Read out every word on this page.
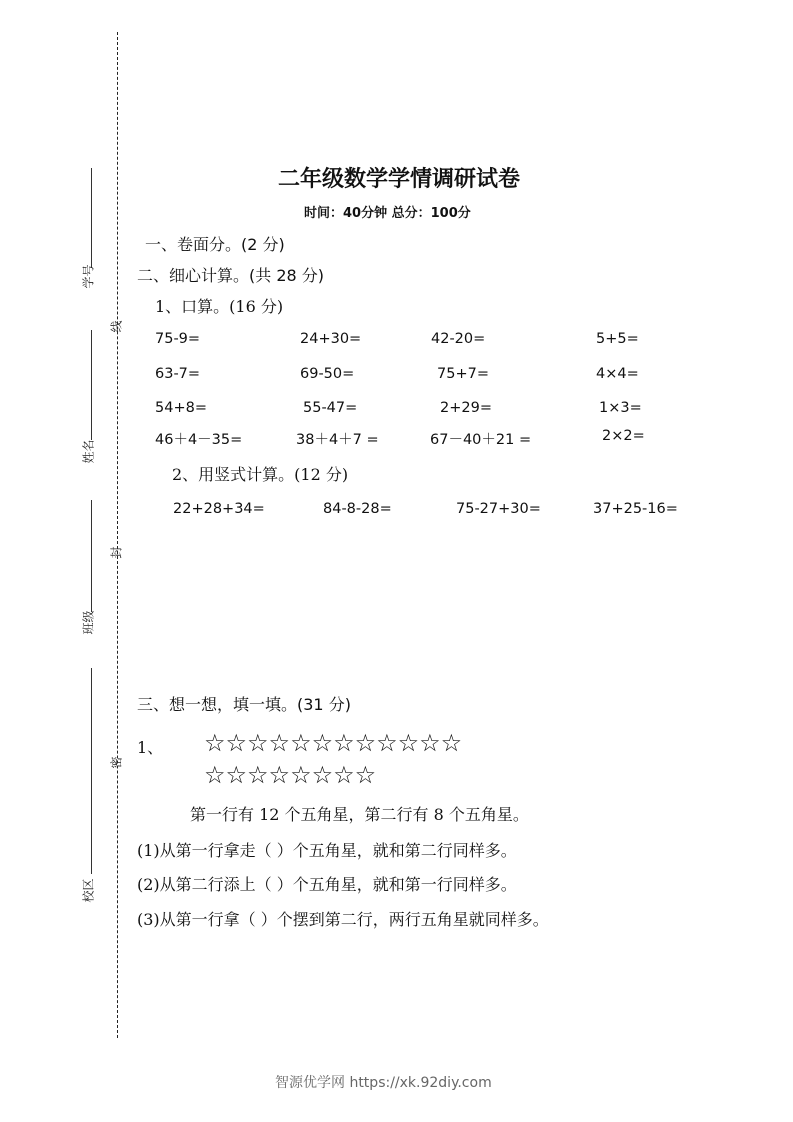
学号
姓名
班级
校区
线
封
密
二年级数学学情调研试卷
时间：40分钟 总分：100分
一、卷面分。(2 分)
二、细心计算。(共 28 分)
1、口算。(16 分)
75-9=	24+30=	42-20=	5+5=
63-7=	69-50=	75+7=	4×4=
54+8=	55-47=	2+29=	1×3=
46＋4－35=	38＋4＋7 =	67－40＋21 =	2×2=
2、用竖式计算。(12 分)
22+28+34=	84-8-28=	75-27+30=	37+25-16=
三、想一想，填一填。(31 分)
1、 ☆☆☆☆☆☆☆☆☆☆☆☆
☆☆☆☆☆☆☆☆
第一行有 12 个五角星，第二行有 8 个五角星。
(1)从第一行拿走（ ）个五角星，就和第二行同样多。
(2)从第二行添上（ ）个五角星，就和第一行同样多。
(3)从第一行拿（ ）个摆到第二行，两行五角星就同样多。
智源优学网 https://xk.92diy.com
